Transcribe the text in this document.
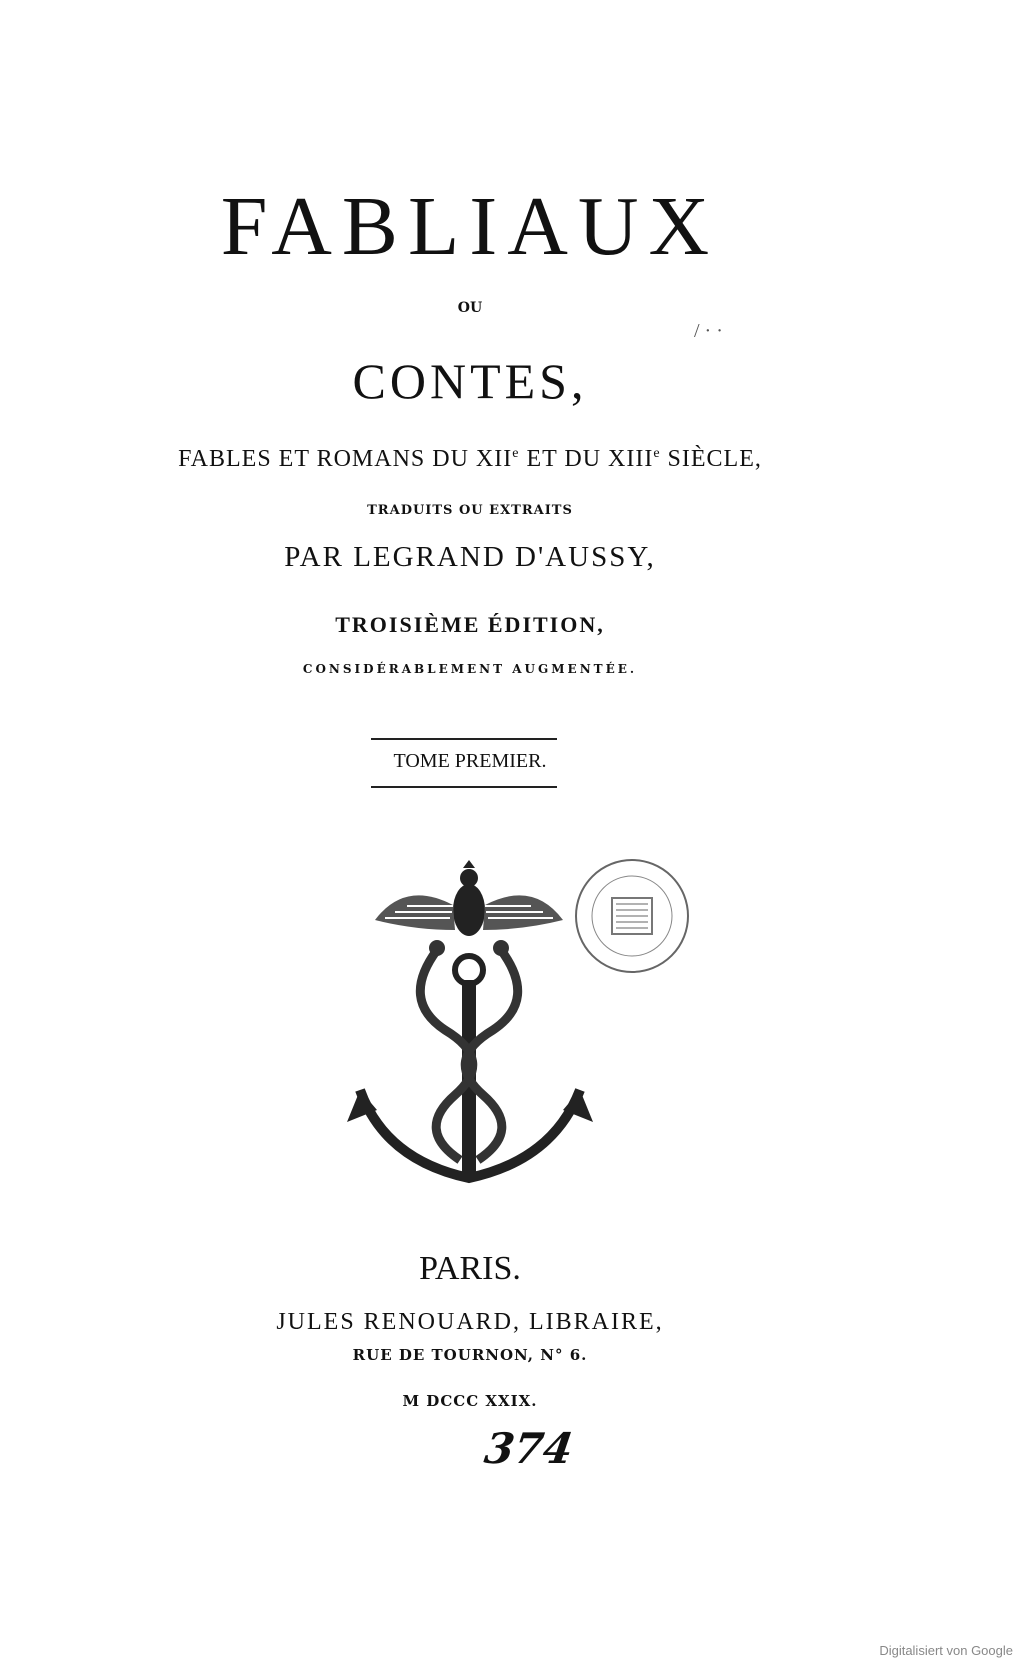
FABLIAUX
OU
CONTES,
FABLES ET ROMANS DU XIIe ET DU XIIIe SIÈCLE,
TRADUITS OU EXTRAITS
PAR LEGRAND D'AUSSY,
TROISIÈME ÉDITION,
CONSIDÉRABLEMENT AUGMENTÉE.
TOME PREMIER.
/ · ·
PARIS.
JULES RENOUARD, LIBRAIRE,
RUE DE TOURNON, N° 6.
M DCCC XXIX.
374
Digitalisiert von Google
